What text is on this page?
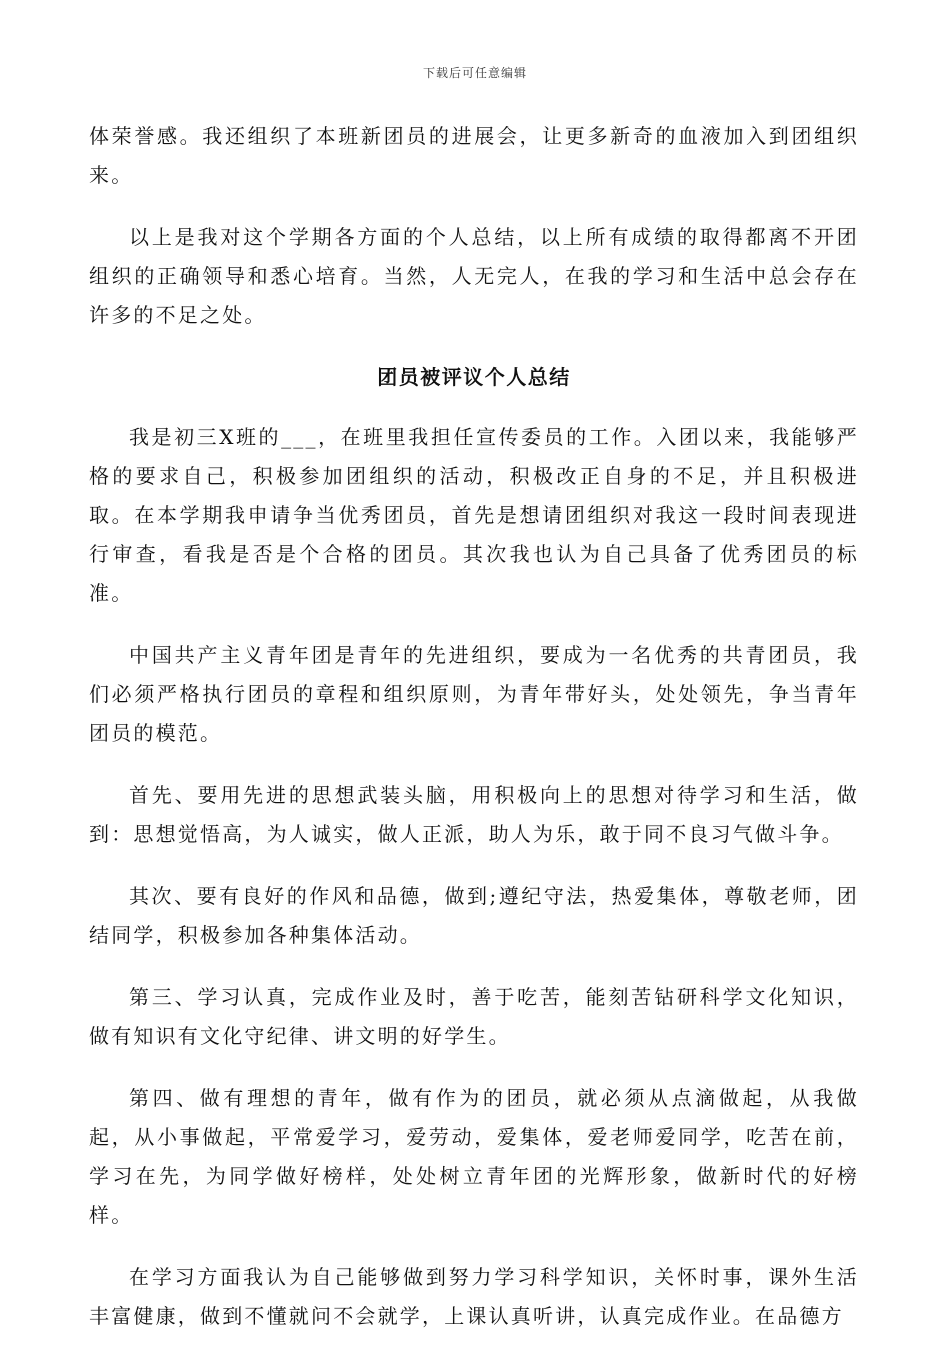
下载后可任意编辑

体荣誉感。我还组织了本班新团员的进展会，让更多新奇的血液加入到团组织来。

以上是我对这个学期各方面的个人总结，以上所有成绩的取得都离不开团组织的正确领导和悉心培育。当然，人无完人，在我的学习和生活中总会存在许多的不足之处。

团员被评议个人总结

我是初三X班的___，在班里我担任宣传委员的工作。入团以来，我能够严格的要求自己，积极参加团组织的活动，积极改正自身的不足，并且积极进取。在本学期我申请争当优秀团员，首先是想请团组织对我这一段时间表现进行审查，看我是否是个合格的团员。其次我也认为自己具备了优秀团员的标准。

中国共产主义青年团是青年的先进组织，要成为一名优秀的共青团员，我们必须严格执行团员的章程和组织原则，为青年带好头，处处领先，争当青年团员的模范。

首先、要用先进的思想武装头脑，用积极向上的思想对待学习和生活，做到：思想觉悟高，为人诚实，做人正派，助人为乐，敢于同不良习气做斗争。

其次、要有良好的作风和品德，做到;遵纪守法，热爱集体，尊敬老师，团结同学，积极参加各种集体活动。

第三、学习认真，完成作业及时，善于吃苦，能刻苦钻研科学文化知识，做有知识有文化守纪律、讲文明的好学生。

第四、做有理想的青年，做有作为的团员，就必须从点滴做起，从我做起，从小事做起，平常爱学习，爱劳动，爱集体，爱老师爱同学，吃苦在前，学习在先，为同学做好榜样，处处树立青年团的光辉形象，做新时代的好榜样。

在学习方面我认为自己能够做到努力学习科学知识，关怀时事，课外生活丰富健康，做到不懂就问不会就学，上课认真听讲，认真完成作业。在品德方
